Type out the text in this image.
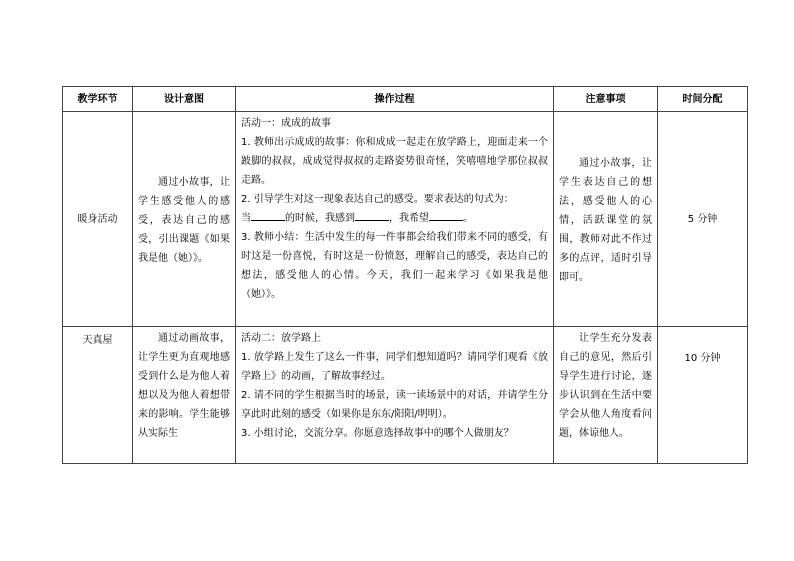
教学环节	设计意图	操作过程	注意事项	时间分配
暖身活动	通过小故事，让学生感受他人的感受，表达自己的感受，引出课题《如果我是他（她）》。	活动一：成成的故事

1. 教师出示成成的故事：你和成成一起走在放学路上，迎面走来一个跛脚的叔叔，成成觉得叔叔的走路姿势很奇怪，笑嘻嘻地学那位叔叔走路。

2. 引导学生对这一现象表达自己的感受。要求表达的句式为：

当 的时候，我感到 ，我希望 。

3. 教师小结：生活中发生的每一件事都会给我们带来不同的感受，有时这是一份喜悦，有时这是一份愤怒，理解自己的感受，表达自己的想法，感受他人的心情。今天，我们一起来学习《如果我是他（她）》。	通过小故事，让学生表达自己的想法，感受他人的心情，活跃课堂的氛围，教师对此不作过多的点评，适时引导即可。	5 分钟

天真屋	通过动画故事，让学生更为直观地感受到什么是为他人着想以及为他人着想带来的影响。学生能够从实际生	活动二：放学路上

1. 放学路上发生了这么一件事，同学们想知道吗？请同学们观看《放学路上》的动画，了解故事经过。

2. 请不同的学生根据当时的场景，读一读场景中的对话，并请学生分享此时此刻的感受（如果你是东东/阳阳/明明）。

3. 小组讨论，交流分享。你愿意选择故事中的哪个人做朋友？	让学生充分发表自己的意见，然后引导学生进行讨论，逐步认识到在生活中要学会从他人角度看问题，体谅他人。	10 分钟
